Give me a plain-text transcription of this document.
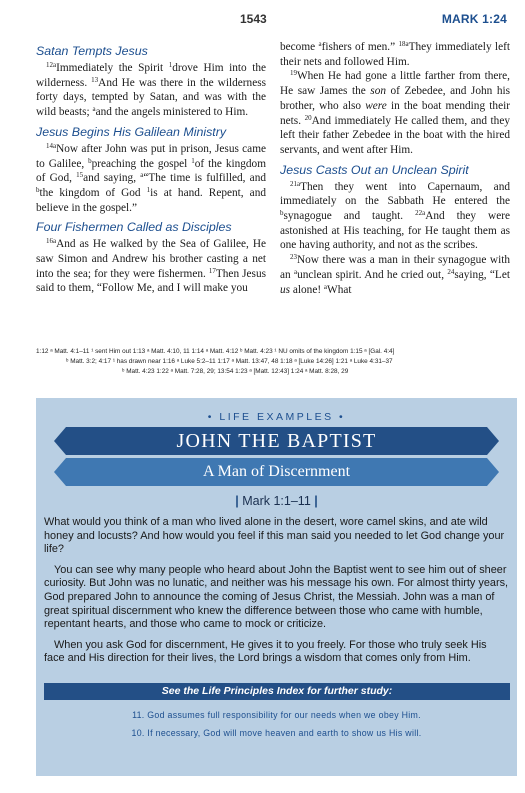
1543	MARK 1:24
Satan Tempts Jesus

$^{12a}$Immediately the Spirit $^1$drove Him into the wilderness. $^{13}$And He was there in the wilderness forty days, tempted by Satan, and was with the wild beasts; $^a$and the angels ministered to Him.

Jesus Begins His Galilean Ministry

$^{14a}$Now after John was put in prison, Jesus came to Galilee, $^b$preaching the gospel $^1$of the kingdom of God, $^{15}$and saying, $^a$“The time is fulfilled, and $^b$the kingdom of God $^1$is at hand. Repent, and believe in the gospel.”

Four Fishermen Called as Disciples

$^{16a}$And as He walked by the Sea of Galilee, He saw Simon and Andrew his brother casting a net into the sea; for they were fishermen. $^{17}$Then Jesus said to them, “Follow Me, and I will make you

become $^a$fishers of men.” $^{18a}$They immediately left their nets and followed Him.

$^{19}$When He had gone a little farther from there, He saw James the son of Zebedee, and John his brother, who also were in the boat mending their nets. $^{20}$And immediately He called them, and they left their father Zebedee in the boat with the hired servants, and went after Him.

Jesus Casts Out an Unclean Spirit

$^{21a}$Then they went into Capernaum, and immediately on the Sabbath He entered the $^b$synagogue and taught. $^{22a}$And they were astonished at His teaching, for He taught them as one having authority, and not as the scribes.

$^{23}$Now there was a man in their synagogue with an $^a$unclean spirit. And he cried out, $^{24}$saying, “Let us alone! $^a$What

1:12 ᵃ Matt. 4:1–11 ¹ sent Him out 1:13 ᵃ Matt. 4:10, 11 1:14 ᵃ Matt. 4:12 ᵇ Matt. 4:23 ¹ NU omits of the kingdom 1:15 ᵃ [Gal. 4:4]
ᵇ Matt. 3:2; 4:17 ¹ has drawn near 1:16 ᵃ Luke 5:2–11 1:17 ᵃ Matt. 13:47, 48 1:18 ᵃ [Luke 14:26] 1:21 ᵃ Luke 4:31–37
ᵇ Matt. 4:23 1:22 ᵃ Matt. 7:28, 29; 13:54 1:23 ᵃ [Matt. 12:43] 1:24 ᵃ Matt. 8:28, 29
• LIFE EXAMPLES •
JOHN THE BAPTIST
A Man of Discernment
| Mark 1:1–11 |

What would you think of a man who lived alone in the desert, wore camel skins, and ate wild honey and locusts? And how would you feel if this man said you needed to let God change your life?

You can see why many people who heard about John the Baptist went to see him out of sheer curiosity. But John was no lunatic, and neither was his message his own. For almost thirty years, God prepared John to announce the coming of Jesus Christ, the Messiah. John was a man of great spiritual discernment who knew the difference between those who came with humble, repentant hearts, and those who came to mock or criticize.

When you ask God for discernment, He gives it to you freely. For those who truly seek His face and His direction for their lives, the Lord brings a wisdom that comes only from Him.

See the Life Principles Index for further study:
11. God assumes full responsibility for our needs when we obey Him.
10. If necessary, God will move heaven and earth to show us His will.
